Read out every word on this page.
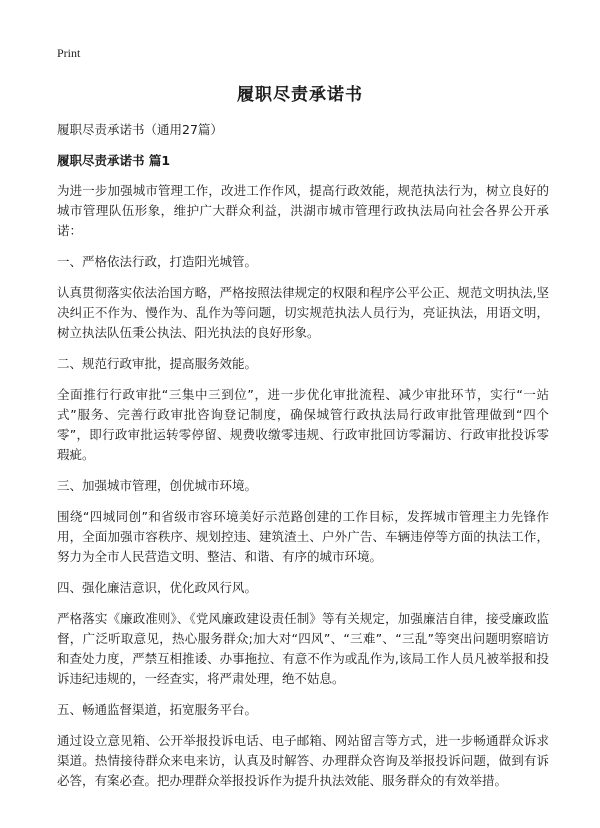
Print
履职尽责承诺书

履职尽责承诺书（通用27篇）

履职尽责承诺书 篇1

为进一步加强城市管理工作，改进工作作风，提高行政效能，规范执法行为，树立良好的城市管理队伍形象，维护广大群众利益，洪湖市城市管理行政执法局向社会各界公开承诺：

一、严格依法行政，打造阳光城管。

认真贯彻落实依法治国方略，严格按照法律规定的权限和程序公平公正、规范文明执法,坚决纠正不作为、慢作为、乱作为等问题，切实规范执法人员行为，亮证执法，用语文明，树立执法队伍秉公执法、阳光执法的良好形象。

二、规范行政审批，提高服务效能。

全面推行行政审批“三集中三到位”，进一步优化审批流程、减少审批环节，实行“一站式”服务、完善行政审批咨询登记制度，确保城管行政执法局行政审批管理做到“四个零”，即行政审批运转零停留、规费收缴零违规、行政审批回访零漏访、行政审批投诉零瑕疵。

三、加强城市管理，创优城市环境。

围绕“四城同创”和省级市容环境美好示范路创建的工作目标，发挥城市管理主力先锋作用，全面加强市容秩序、规划控违、建筑渣土、户外广告、车辆违停等方面的执法工作，努力为全市人民营造文明、整洁、和谐、有序的城市环境。

四、强化廉洁意识，优化政风行风。

严格落实《廉政准则》、《党风廉政建设责任制》等有关规定，加强廉洁自律，接受廉政监督，广泛听取意见，热心服务群众;加大对“四风”、“三难”、“三乱”等突出问题明察暗访和查处力度，严禁互相推诿、办事拖拉、有意不作为或乱作为,该局工作人员凡被举报和投诉违纪违规的，一经查实，将严肃处理，绝不姑息。

五、畅通监督渠道，拓宽服务平台。

通过设立意见箱、公开举报投诉电话、电子邮箱、网站留言等方式，进一步畅通群众诉求渠道。热情接待群众来电来访，认真及时解答、办理群众咨询及举报投诉问题，做到有诉必答，有案必查。把办理群众举报投诉作为提升执法效能、服务群众的有效举措。
